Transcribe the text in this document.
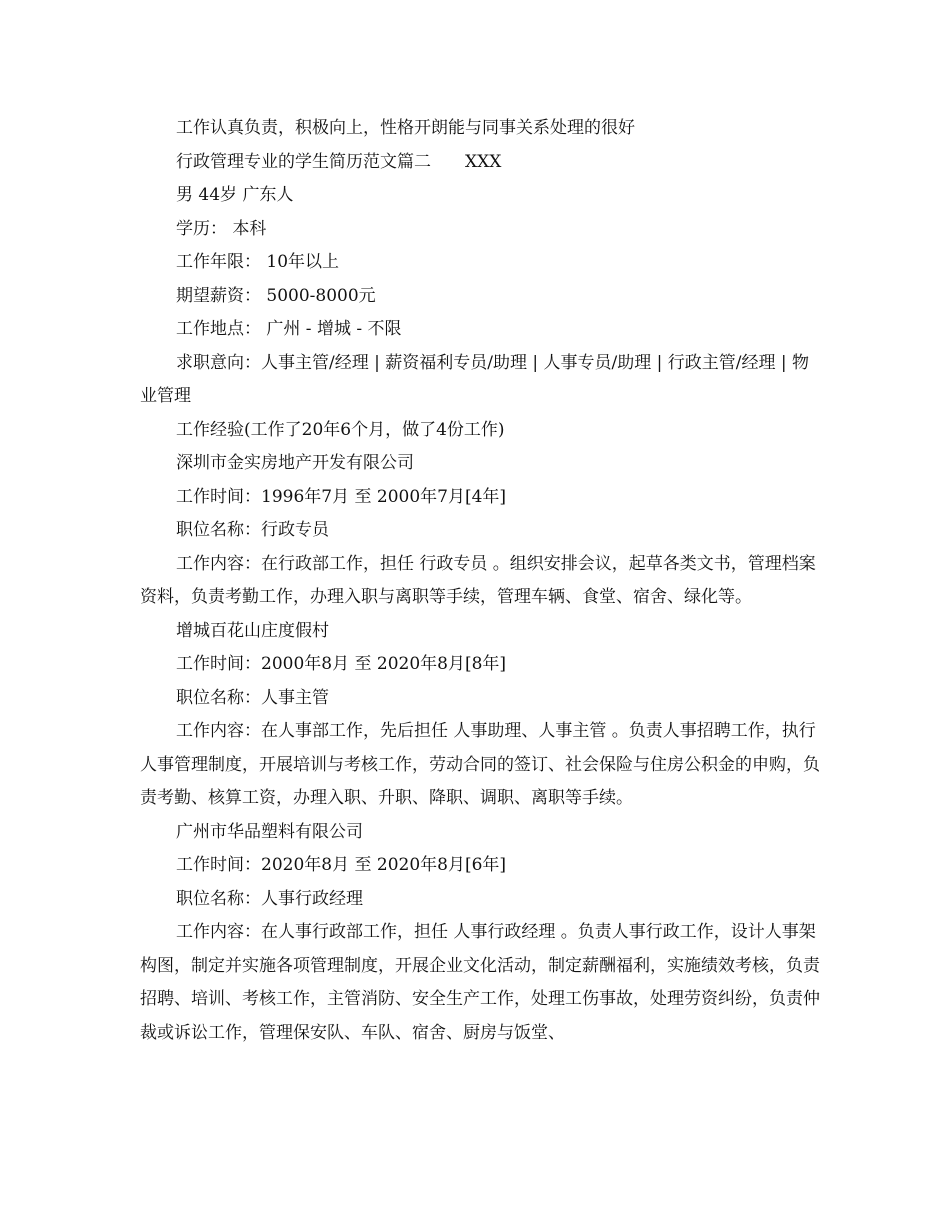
工作认真负责，积极向上，性格开朗能与同事关系处理的很好

行政管理专业的学生简历范文篇二　　XXX

男 44岁 广东人

学历： 本科

工作年限： 10年以上

期望薪资： 5000-8000元

工作地点： 广州 - 增城 - 不限

求职意向：人事主管/经理 | 薪资福利专员/助理 | 人事专员/助理 | 行政主管/经理 | 物业管理

工作经验(工作了20年6个月，做了4份工作)

深圳市金实房地产开发有限公司

工作时间：1996年7月 至 2000年7月[4年]

职位名称：行政专员

工作内容：在行政部工作，担任 行政专员 。组织安排会议，起草各类文书，管理档案资料，负责考勤工作，办理入职与离职等手续，管理车辆、食堂、宿舍、绿化等。

增城百花山庄度假村

工作时间：2000年8月 至 2020年8月[8年]

职位名称：人事主管

工作内容：在人事部工作，先后担任 人事助理、人事主管 。负责人事招聘工作，执行人事管理制度，开展培训与考核工作，劳动合同的签订、社会保险与住房公积金的申购，负责考勤、核算工资，办理入职、升职、降职、调职、离职等手续。

广州市华品塑料有限公司

工作时间：2020年8月 至 2020年8月[6年]

职位名称：人事行政经理

工作内容：在人事行政部工作，担任 人事行政经理 。负责人事行政工作，设计人事架构图，制定并实施各项管理制度，开展企业文化活动，制定薪酬福利，实施绩效考核，负责招聘、培训、考核工作，主管消防、安全生产工作，处理工伤事故，处理劳资纠纷，负责仲裁或诉讼工作，管理保安队、车队、宿舍、厨房与饭堂、
